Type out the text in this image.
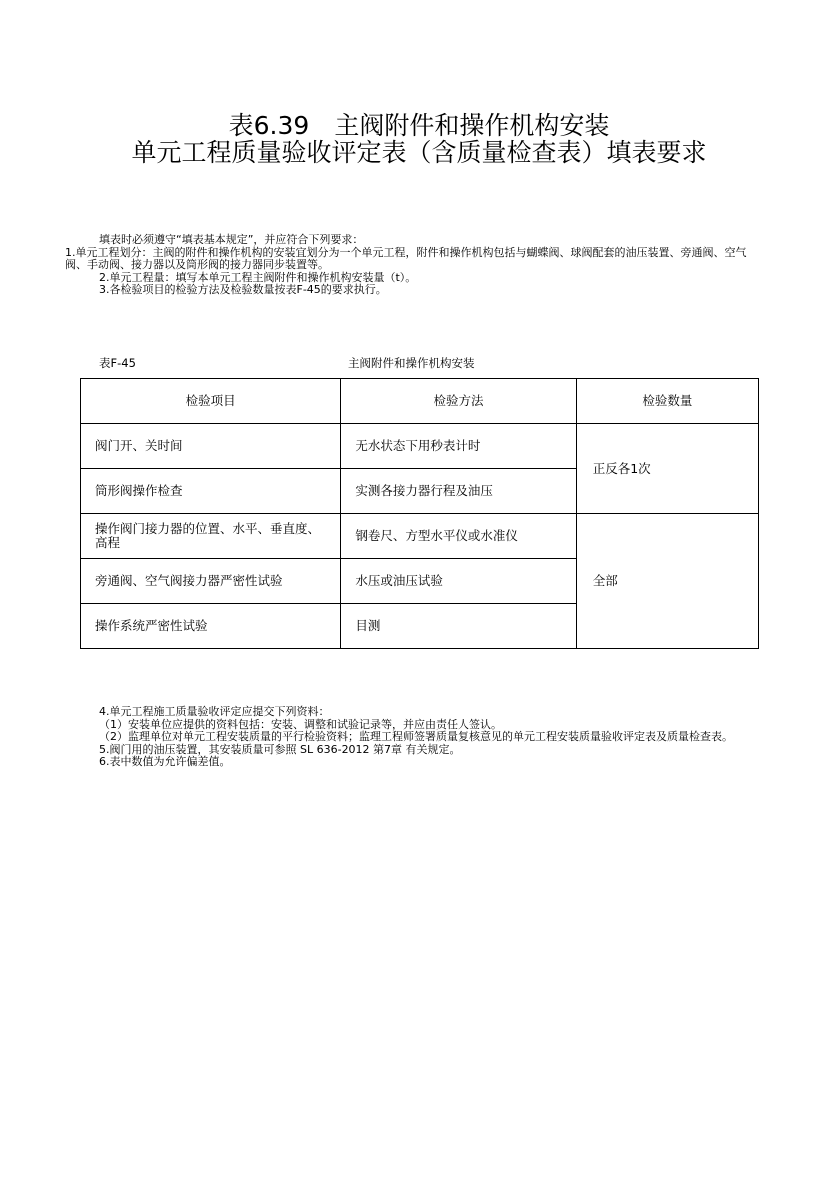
表6.39　主阀附件和操作机构安装
单元工程质量验收评定表（含质量检查表）填表要求

填表时必须遵守“填表基本规定”，并应符合下列要求：

1.单元工程划分：主阀的附件和操作机构的安装宜划分为一个单元工程，附件和操作机构包括与蝴蝶阀、球阀配套的油压装置、旁通阀、空气阀、手动阀、接力器以及筒形阀的接力器同步装置等。

2.单元工程量：填写本单元工程主阀附件和操作机构安装量（t）。

3.各检验项目的检验方法及检验数量按表F-45的要求执行。

表F-45	主阀附件和操作机构安装
检验项目	检验方法	检验数量
阀门开、关时间	无水状态下用秒表计时	正反各1次
筒形阀操作检查	实测各接力器行程及油压	
操作阀门接力器的位置、水平、垂直度、高程	钢卷尺、方型水平仪或水准仪	全部
旁通阀、空气阀接力器严密性试验	水压或油压试验	
操作系统严密性试验	目测	

4.单元工程施工质量验收评定应提交下列资料：

（1）安装单位应提供的资料包括：安装、调整和试验记录等，并应由责任人签认。

（2）监理单位对单元工程安装质量的平行检验资料；监理工程师签署质量复核意见的单元工程安装质量验收评定表及质量检查表。

5.阀门用的油压装置，其安装质量可参照 SL 636-2012 第7章 有关规定。

6.表中数值为允许偏差值。
